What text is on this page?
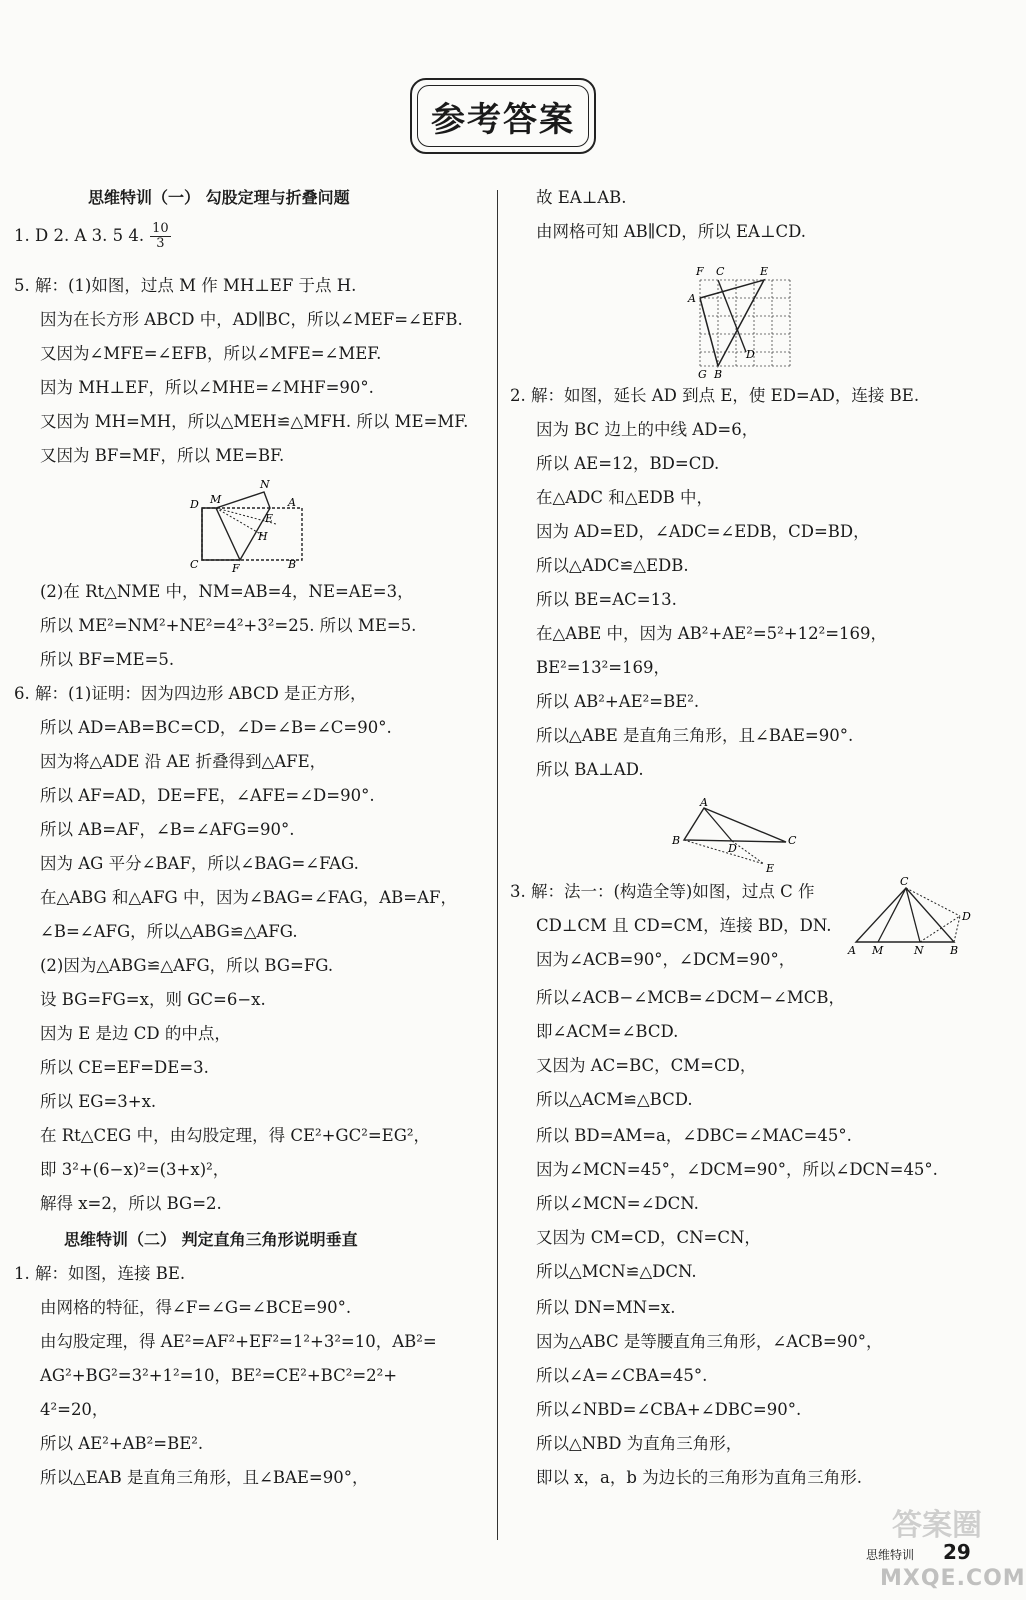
参考答案
思维特训（一） 勾股定理与折叠问题
1. D 2. A 3. 5 4. $\frac{10}{3}$
5. 解：(1)如图，过点 M 作 MH⊥EF 于点 H.
因为在长方形 ABCD 中，AD∥BC，所以∠MEF=∠EFB.
又因为∠MFE=∠EFB，所以∠MFE=∠MEF.
因为 MH⊥EF，所以∠MHE=∠MHF=90°.
又因为 MH=MH，所以△MEH≌△MFH. 所以 ME=MF.
又因为 BF=MF，所以 ME=BF.
(2)在 Rt△NME 中，NM=AB=4，NE=AE=3，
所以 ME²=NM²+NE²=4²+3²=25. 所以 ME=5.
所以 BF=ME=5.
6. 解：(1)证明：因为四边形 ABCD 是正方形，
所以 AD=AB=BC=CD，∠D=∠B=∠C=90°.
因为将△ADE 沿 AE 折叠得到△AFE，
所以 AF=AD，DE=FE，∠AFE=∠D=90°.
所以 AB=AF，∠B=∠AFG=90°.
因为 AG 平分∠BAF，所以∠BAG=∠FAG.
在△ABG 和△AFG 中，因为∠BAG=∠FAG，AB=AF，
∠B=∠AFG，所以△ABG≌△AFG.
(2)因为△ABG≌△AFG，所以 BG=FG.
设 BG=FG=x，则 GC=6−x.
因为 E 是边 CD 的中点，
所以 CE=EF=DE=3.
所以 EG=3+x.
在 Rt△CEG 中，由勾股定理，得 CE²+GC²=EG²，
即 3²+(6−x)²=(3+x)²，
解得 x=2，所以 BG=2.
思维特训（二） 判定直角三角形说明垂直
1. 解：如图，连接 BE.
由网格的特征，得∠F=∠G=∠BCE=90°.
由勾股定理，得 AE²=AF²+EF²=1²+3²=10，AB²=
AG²+BG²=3²+1²=10，BE²=CE²+BC²=2²+
4²=20，
所以 AE²+AB²=BE².
所以△EAB 是直角三角形，且∠BAE=90°，
故 EA⊥AB.
由网格可知 AB∥CD，所以 EA⊥CD.
2. 解：如图，延长 AD 到点 E，使 ED=AD，连接 BE.
因为 BC 边上的中线 AD=6，
所以 AE=12，BD=CD.
在△ADC 和△EDB 中，
因为 AD=ED，∠ADC=∠EDB，CD=BD，
所以△ADC≌△EDB.
所以 BE=AC=13.
在△ABE 中，因为 AB²+AE²=5²+12²=169，
BE²=13²=169，
所以 AB²+AE²=BE².
所以△ABE 是直角三角形，且∠BAE=90°.
所以 BA⊥AD.
3. 解：法一：(构造全等)如图，过点 C 作
CD⊥CM 且 CD=CM，连接 BD，DN.
因为∠ACB=90°，∠DCM=90°，
所以∠ACB−∠MCB=∠DCM−∠MCB，
即∠ACM=∠BCD.
又因为 AC=BC，CM=CD，
所以△ACM≌△BCD.
所以 BD=AM=a，∠DBC=∠MAC=45°.
因为∠MCN=45°，∠DCM=90°，所以∠DCN=45°.
所以∠MCN=∠DCN.
又因为 CM=CD，CN=CN，
所以△MCN≌△DCN.
所以 DN=MN=x.
因为△ABC 是等腰直角三角形，∠ACB=90°，
所以∠A=∠CBA=45°.
所以∠NBD=∠CBA+∠DBC=90°.
所以△NBD 为直角三角形，
即以 x，a，b 为边长的三角形为直角三角形.
D M
N
A
E
H
C	F	B
F C	E
A
G B
D
A
B
D
C
E
C
D
A M	N B
答案圈
思维特训 29
MXQE.COM
